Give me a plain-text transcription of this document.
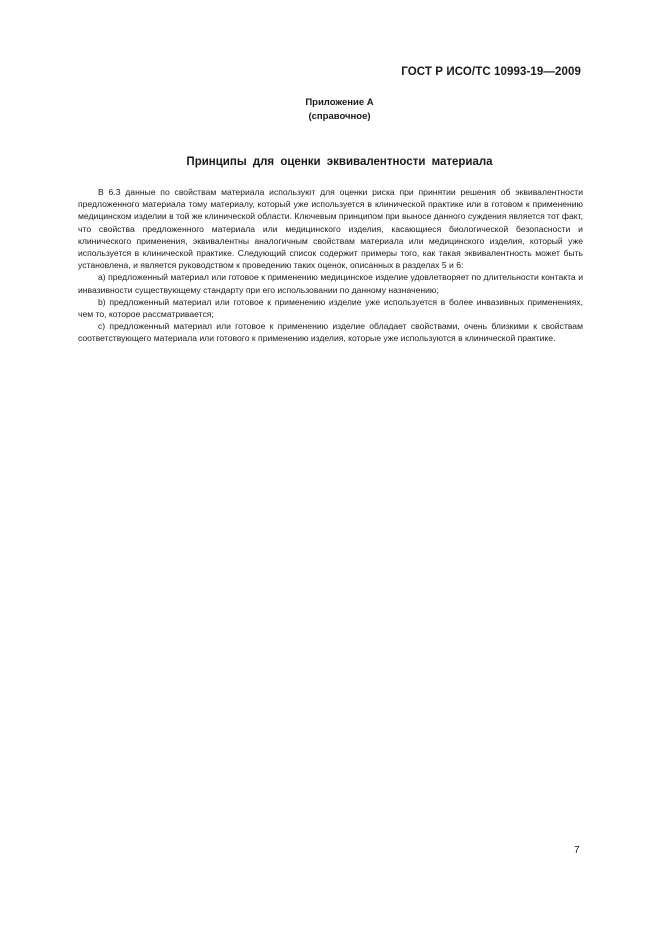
ГОСТ Р ИСО/ТС 10993-19—2009
Приложение А
(справочное)
Принципы для оценки эквивалентности материала

В 6.3 данные по свойствам материала используют для оценки риска при принятии решения об эквивалентности предложенного материала тому материалу, который уже используется в клинической практике или в готовом к применению медицинском изделии в той же клинической области. Ключевым принципом при выносе данного суждения является тот факт, что свойства предложенного материала или медицинского изделия, касающиеся биологической безопасности и клинического применения, эквивалентны аналогичным свойствам материала или медицинского изделия, который уже используется в клинической практике. Следующий список содержит примеры того, как такая эквивалентность может быть установлена, и является руководством к проведению таких оценок, описанных в разделах 5 и 6:

a) предложенный материал или готовое к применению медицинское изделие удовлетворяет по длительности контакта и инвазивности существующему стандарту при его использовании по данному назначению;

b) предложенный материал или готовое к применению изделие уже используется в более инвазивных применениях, чем то, которое рассматривается;

c) предложенный материал или готовое к применению изделие обладает свойствами, очень близкими к свойствам соответствующего материала или готового к применению изделия, которые уже используются в клинической практике.

7
